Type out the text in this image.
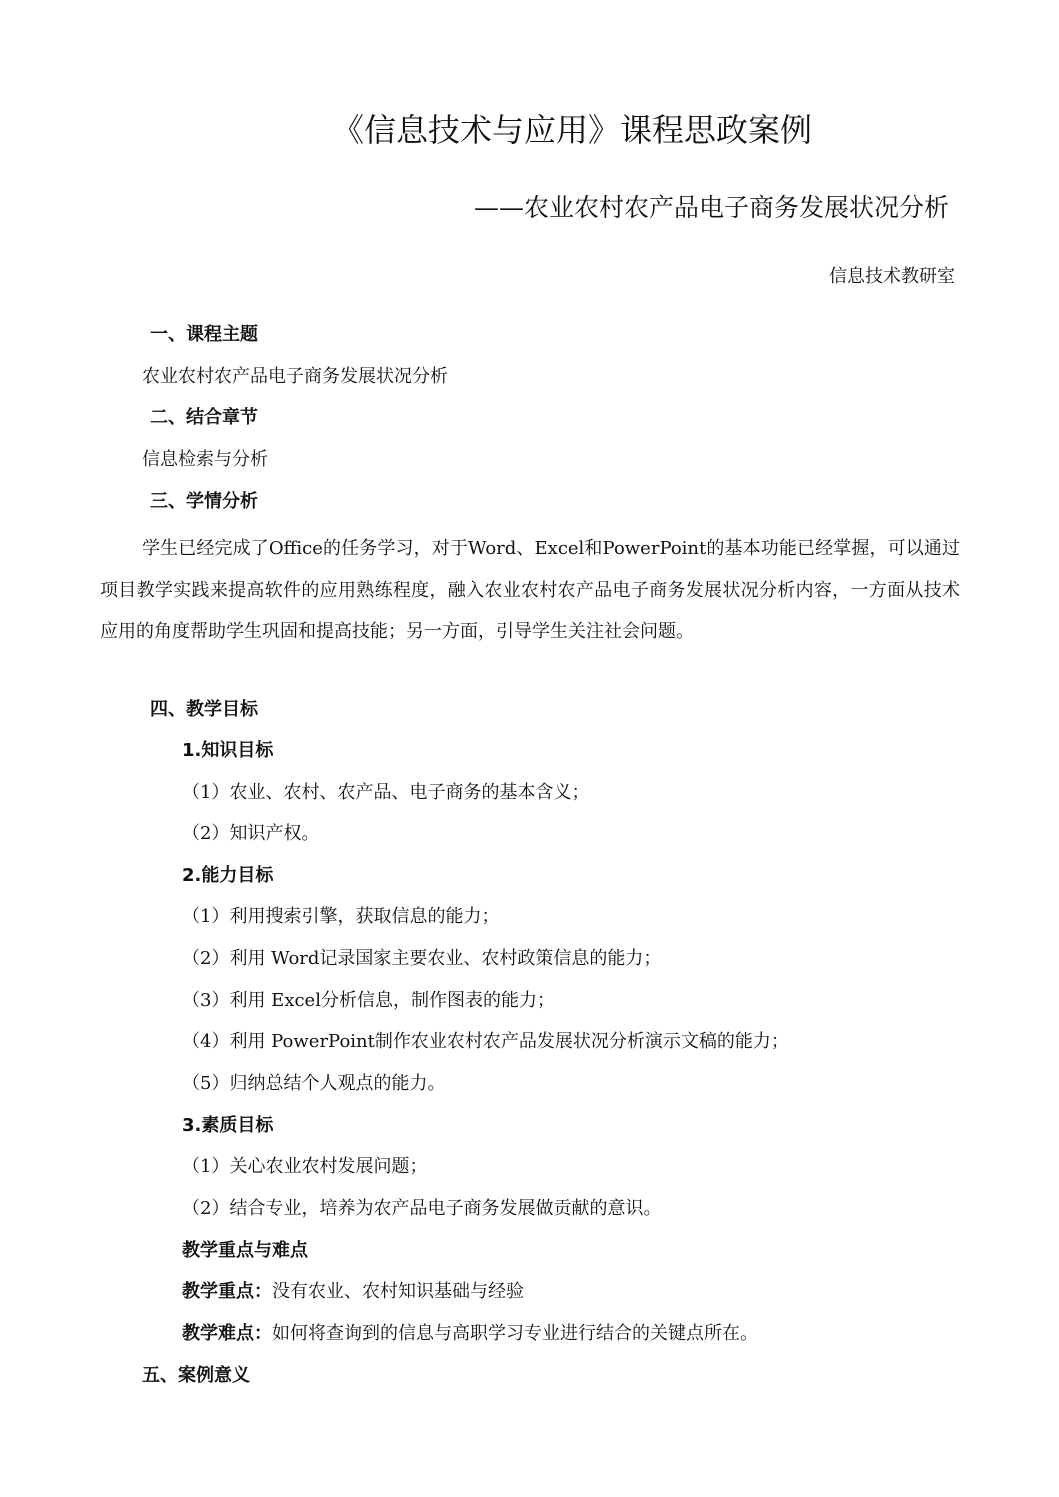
《信息技术与应用》课程思政案例
——农业农村农产品电子商务发展状况分析
信息技术教研室
一、课程主题
农业农村农产品电子商务发展状况分析
二、结合章节
信息检索与分析
三、学情分析
学生已经完成了Office的任务学习，对于Word、Excel和PowerPoint的基本功能已经掌握，可以通过项目教学实践来提高软件的应用熟练程度，融入农业农村农产品电子商务发展状况分析内容，一方面从技术应用的角度帮助学生巩固和提高技能；另一方面，引导学生关注社会问题。
四、教学目标
1.知识目标
（1）农业、农村、农产品、电子商务的基本含义；
（2）知识产权。
2.能力目标
（1）利用搜索引擎，获取信息的能力；
（2）利用 Word记录国家主要农业、农村政策信息的能力；
（3）利用 Excel分析信息，制作图表的能力；
（4）利用 PowerPoint制作农业农村农产品发展状况分析演示文稿的能力；
（5）归纳总结个人观点的能力。
3.素质目标
（1）关心农业农村发展问题；
（2）结合专业，培养为农产品电子商务发展做贡献的意识。
教学重点与难点
教学重点：没有农业、农村知识基础与经验
教学难点：如何将查询到的信息与高职学习专业进行结合的关键点所在。
五、案例意义
